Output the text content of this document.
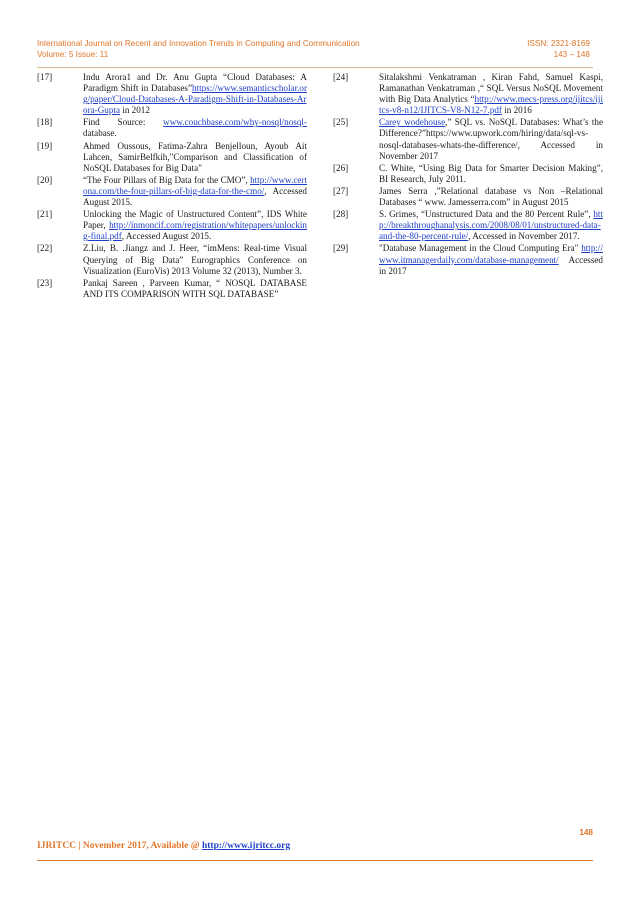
International Journal on Recent and Innovation Trends in Computing and Communication
Volume: 5 Issue: 11
ISSN: 2321-8169
143 – 148
[17]	Indu Arora1 and Dr. Anu Gupta “Cloud Databases: A Paradigm Shift in Databases”https://www.semanticscholar.org/paper/Cloud-Databases-A-Paradigm-Shift-in-Databases-Arora-Gupta in 2012
[18]	Find Source: www.couchbase.com/why-nosql/nosql-database.
[19]	Ahmed Oussous, Fatima-Zahra Benjelloun, Ayoub Ait Lahcen, SamirBelfkih,"Comparison and Classification of NoSQL Databases for Big Data"
[20]	“The Four Pillars of Big Data for the CMO”, http://www.certona.com/the-four-pillars-of-big-data-for-the-cmo/, Accessed August 2015.
[21]	Unlocking the Magic of Unstructured Content”, IDS White Paper, http://inmoncif.com/registration/whitepapers/unlocking-final.pdf, Accessed August 2015.
[22]	Z.Liu, B. .Jiangz and J. Heer, “imMens: Real-time Visual Querying of Big Data” Eurographics Conference on Visualization (EuroVis) 2013 Volume 32 (2013), Number 3.
[23]	Pankaj Sareen , Parveen Kumar, “ NOSQL DATABASE AND ITS COMPARISON WITH SQL DATABASE”
[24]	Sitalakshmi Venkatraman , Kiran Fahd, Samuel Kaspi, Ramanathan Venkatraman ,“ SQL Versus NoSQL Movement with Big Data Analytics “http://www.mecs-press.org/ijitcs/ijitcs-v8-n12/IJITCS-V8-N12-7.pdf in 2016
[25]	Carey wodehouse,” SQL vs. NoSQL Databases: What’s the Difference?”https://www.upwork.com/hiring/data/sql-vs-nosql-databases-whats-the-difference/, Accessed in November 2017
[26]	C. White, “Using Big Data for Smarter Decision Making”, BI Research, July 2011.
[27]	James Serra ,”Relational database vs Non –Relational Databases “ www. Jamesserra.com” in August 2015
[28]	S. Grimes, “Unstructured Data and the 80 Percent Rule”, http://breakthroughanalysis.com/2008/08/01/unstructured-data-and-the-80-percent-rule/, Accessed in November 2017.
[29]	"Database Management in the Cloud Computing Era" http://www.itmanagerdaily.com/database-management/ Accessed in 2017
148
IJRITCC | November 2017, Available @ http://www.ijritcc.org
